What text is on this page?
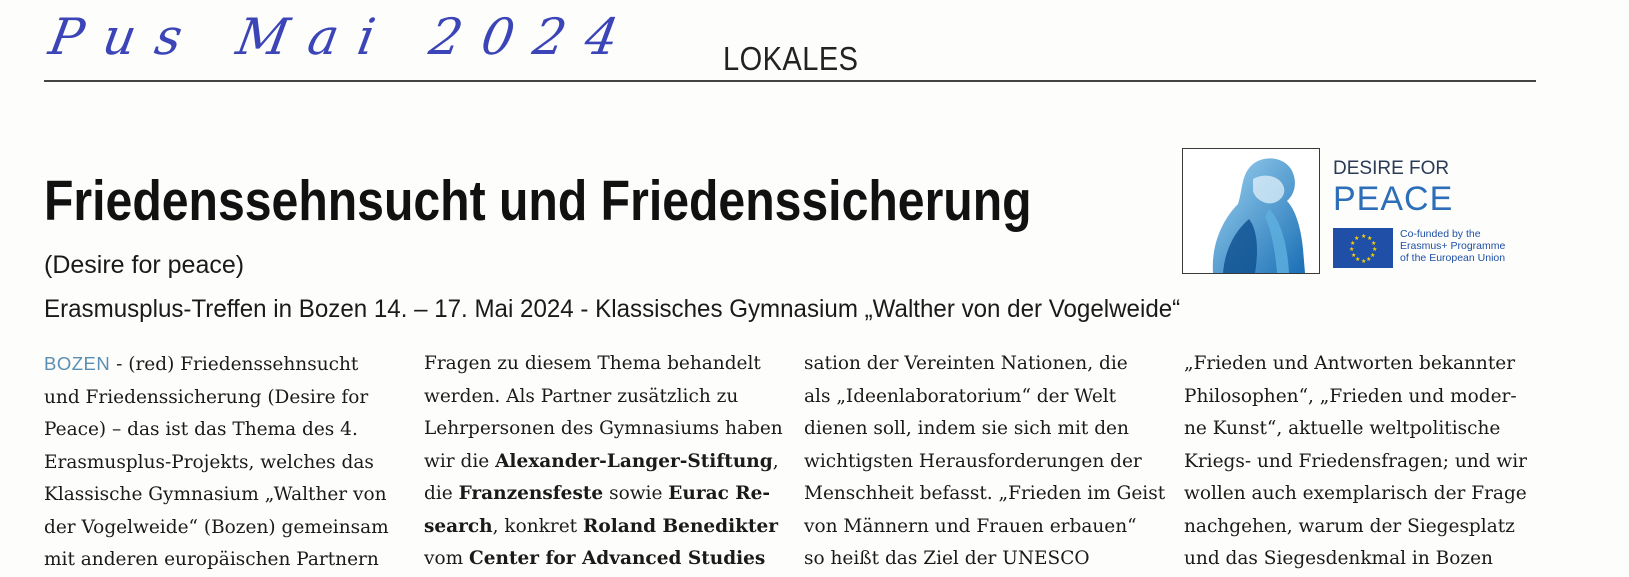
Pus Mai 2024 LOKALES
Friedenssehnsucht und Friedenssicherung
(Desire for peace)
Erasmusplus-Treffen in Bozen 14. – 17. Mai 2024 - Klassisches Gymnasium „Walther von der Vogelweide“
DESIRE FOR
PEACE
★ ★
★
★
★
★
★
★
★
★
★
★	Co-funded by the
Erasmus+ Programme
of the European Union
BOZEN - (red) Friedenssehnsucht
und Friedenssicherung (Desire for
Peace) – das ist das Thema des 4.
Erasmusplus-Projekts, welches das
Klassische Gymnasium „Walther von
der Vogelweide“ (Bozen) gemeinsam
mit anderen europäischen Partnern
Fragen zu diesem Thema behandelt
werden. Als Partner zusätzlich zu
Lehrpersonen des Gymnasiums haben
wir die Alexander-Langer-Stiftung,
die Franzensfeste sowie Eurac Re-
search, konkret Roland Benedikter
vom Center for Advanced Studies
sation der Vereinten Nationen, die
als „Ideenlaboratorium“ der Welt
dienen soll, indem sie sich mit den
wichtigsten Herausforderungen der
Menschheit befasst. „Frieden im Geist
von Männern und Frauen erbauen“
so heißt das Ziel der UNESCO
„Frieden und Antworten bekannter
Philosophen“, „Frieden und moder-
ne Kunst“, aktuelle weltpolitische
Kriegs- und Friedensfragen; und wir
wollen auch exemplarisch der Frage
nachgehen, warum der Siegesplatz
und das Siegesdenkmal in Bozen
